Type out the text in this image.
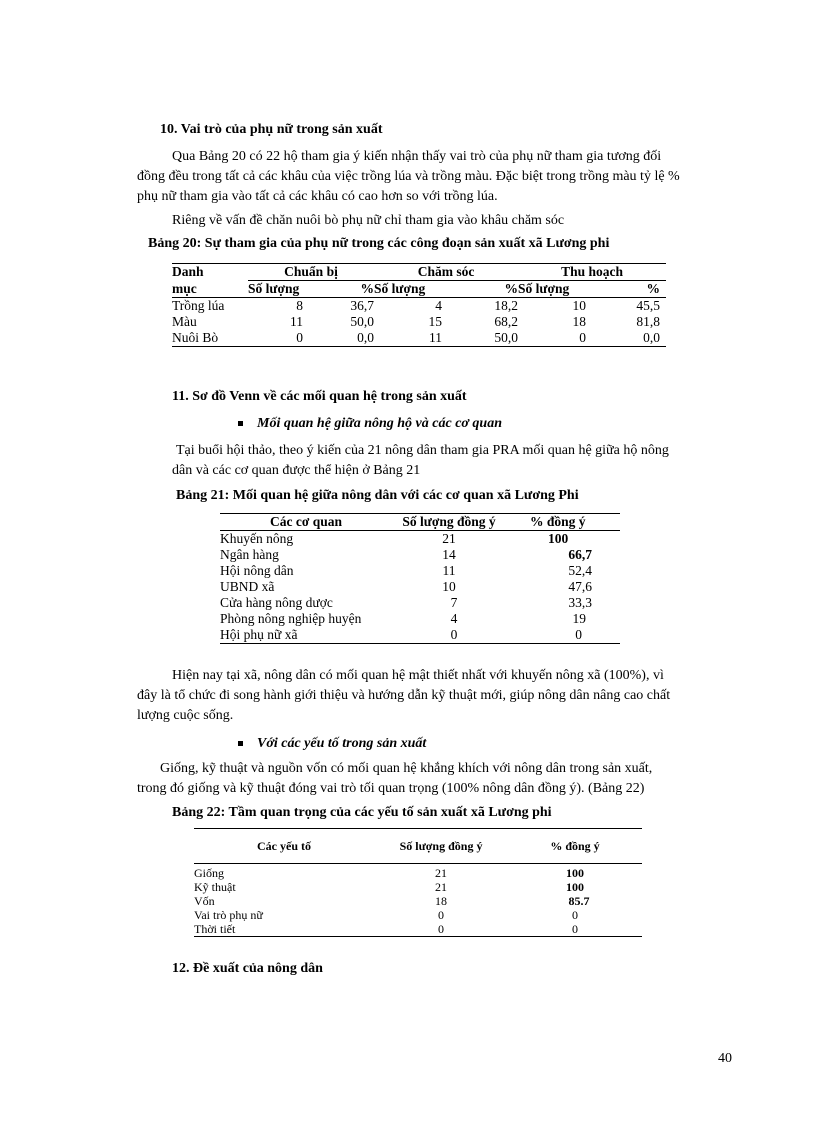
10. Vai trò của phụ nữ trong sản xuất
Qua Bảng 20 có 22 hộ tham gia ý kiến nhận thấy vai trò của phụ nữ tham gia tương đối
đồng đều trong tất cả các khâu của việc trồng lúa và trồng màu. Đặc biệt trong trồng màu tỷ lệ %
phụ nữ tham gia vào tất cả các khâu có cao hơn so với trồng lúa.
Riêng về vấn đề chăn nuôi bò phụ nữ chỉ tham gia vào khâu chăm sóc
Bảng 20: Sự tham gia của phụ nữ trong các công đoạn sản xuất xã Lương phi
Danh	Chuẩn bị		Chăm sóc		Thu hoạch	
mục	Số lượng	%	Số lượng	%	Số lượng	%
Trồng lúa	8	36,7	4	18,2	10	45,5
Màu	11	50,0	15	68,2	18	81,8
Nuôi Bò	0	0,0	11	50,0	0	0,0
11. Sơ đồ Venn về các mối quan hệ trong sản xuất
Mối quan hệ giữa nông hộ và các cơ quan
Tại buổi hội thảo, theo ý kiến của 21 nông dân tham gia PRA mối quan hệ giữa hộ nông
dân và các cơ quan được thể hiện ở Bảng 21
Bảng 21: Mối quan hệ giữa nông dân với các cơ quan xã Lương Phi
Các cơ quan	Số lượng đồng ý	% đồng ý
Khuyến nông	21	100
Ngân hàng	14	66,7
Hội nông dân	11	52,4
UBND xã	10	47,6
Cửa hàng nông dược	7	33,3
Phòng nông nghiệp huyện	4	19
Hội phụ nữ xã	0	0
Hiện nay tại xã, nông dân có mối quan hệ mật thiết nhất với khuyến nông xã (100%), vì
đây là tổ chức đi song hành giới thiệu và hướng dẫn kỹ thuật mới, giúp nông dân nâng cao chất
lượng cuộc sống.
Với các yếu tố trong sản xuất
Giống, kỹ thuật và nguồn vốn có mối quan hệ khắng khích với nông dân trong sản xuất,
trong đó giống và kỹ thuật đóng vai trò tối quan trọng (100% nông dân đồng ý). (Bảng 22)
Bảng 22: Tầm quan trọng của các yếu tố sản xuất xã Lương phi
Các yếu tố	Số lượng đồng ý	% đồng ý

Giống	21	100
Kỹ thuật	21	100
Vốn	18	85.7
Vai trò phụ nữ	0	0
Thời tiết	0	0
12. Đề xuất của nông dân
40
